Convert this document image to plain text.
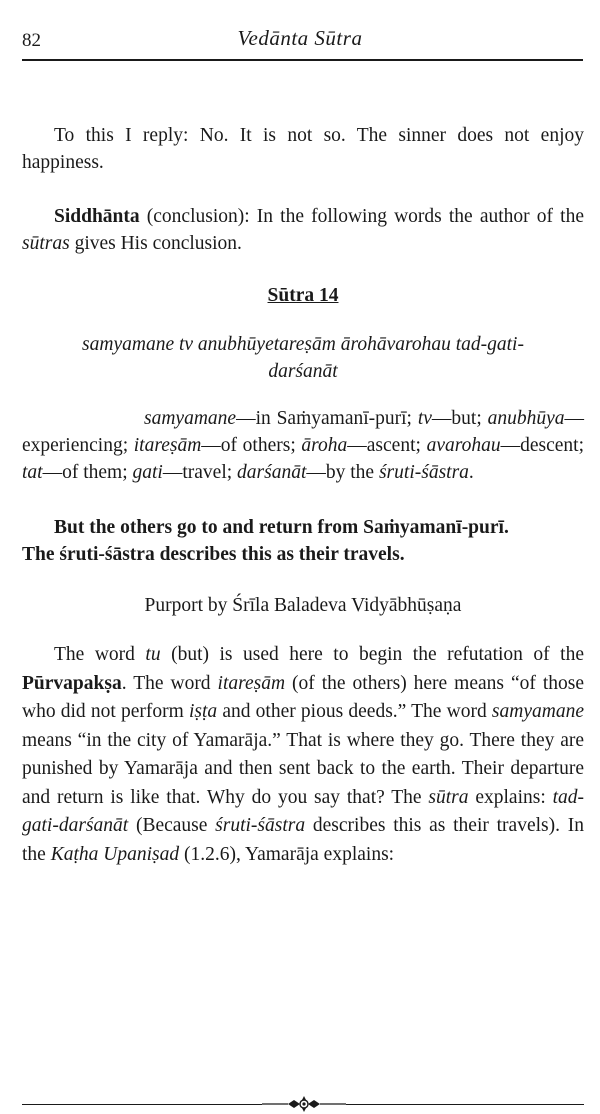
82	Vedānta Sūtra

To this I reply: No. It is not so. The sinner does not enjoy happiness.

Siddhānta (conclusion): In the following words the author of the sūtras gives His conclusion.

Sūtra 14
samyamane tv anubhūyetareṣām ārohāvarohau tad-gati-
darśanāt

samyamane—in Saṁyamanī-purī; tv—but; anubhūya—experiencing; itareṣām—of others; āroha—ascent; avarohau—descent; tat—of them; gati—travel; darśanāt—by the śruti-śāstra.

But the others go to and return from Saṁyamanī-purī.
The śruti-śāstra describes this as their travels.

Purport by Śrīla Baladeva Vidyābhūṣaṇa

The word tu (but) is used here to begin the refutation of the Pūrvapakṣa. The word itareṣām (of the others) here means “of those who did not perform iṣṭa and other pious deeds.” The word samyamane means “in the city of Yamarāja.” That is where they go. There they are punished by Yamarāja and then sent back to the earth. Their departure and return is like that. Why do you say that? The sūtra explains: tad-gati-darśanāt (Because śruti-śāstra describes this as their travels). In the Kaṭha Upaniṣad (1.2.6), Yamarāja explains:
